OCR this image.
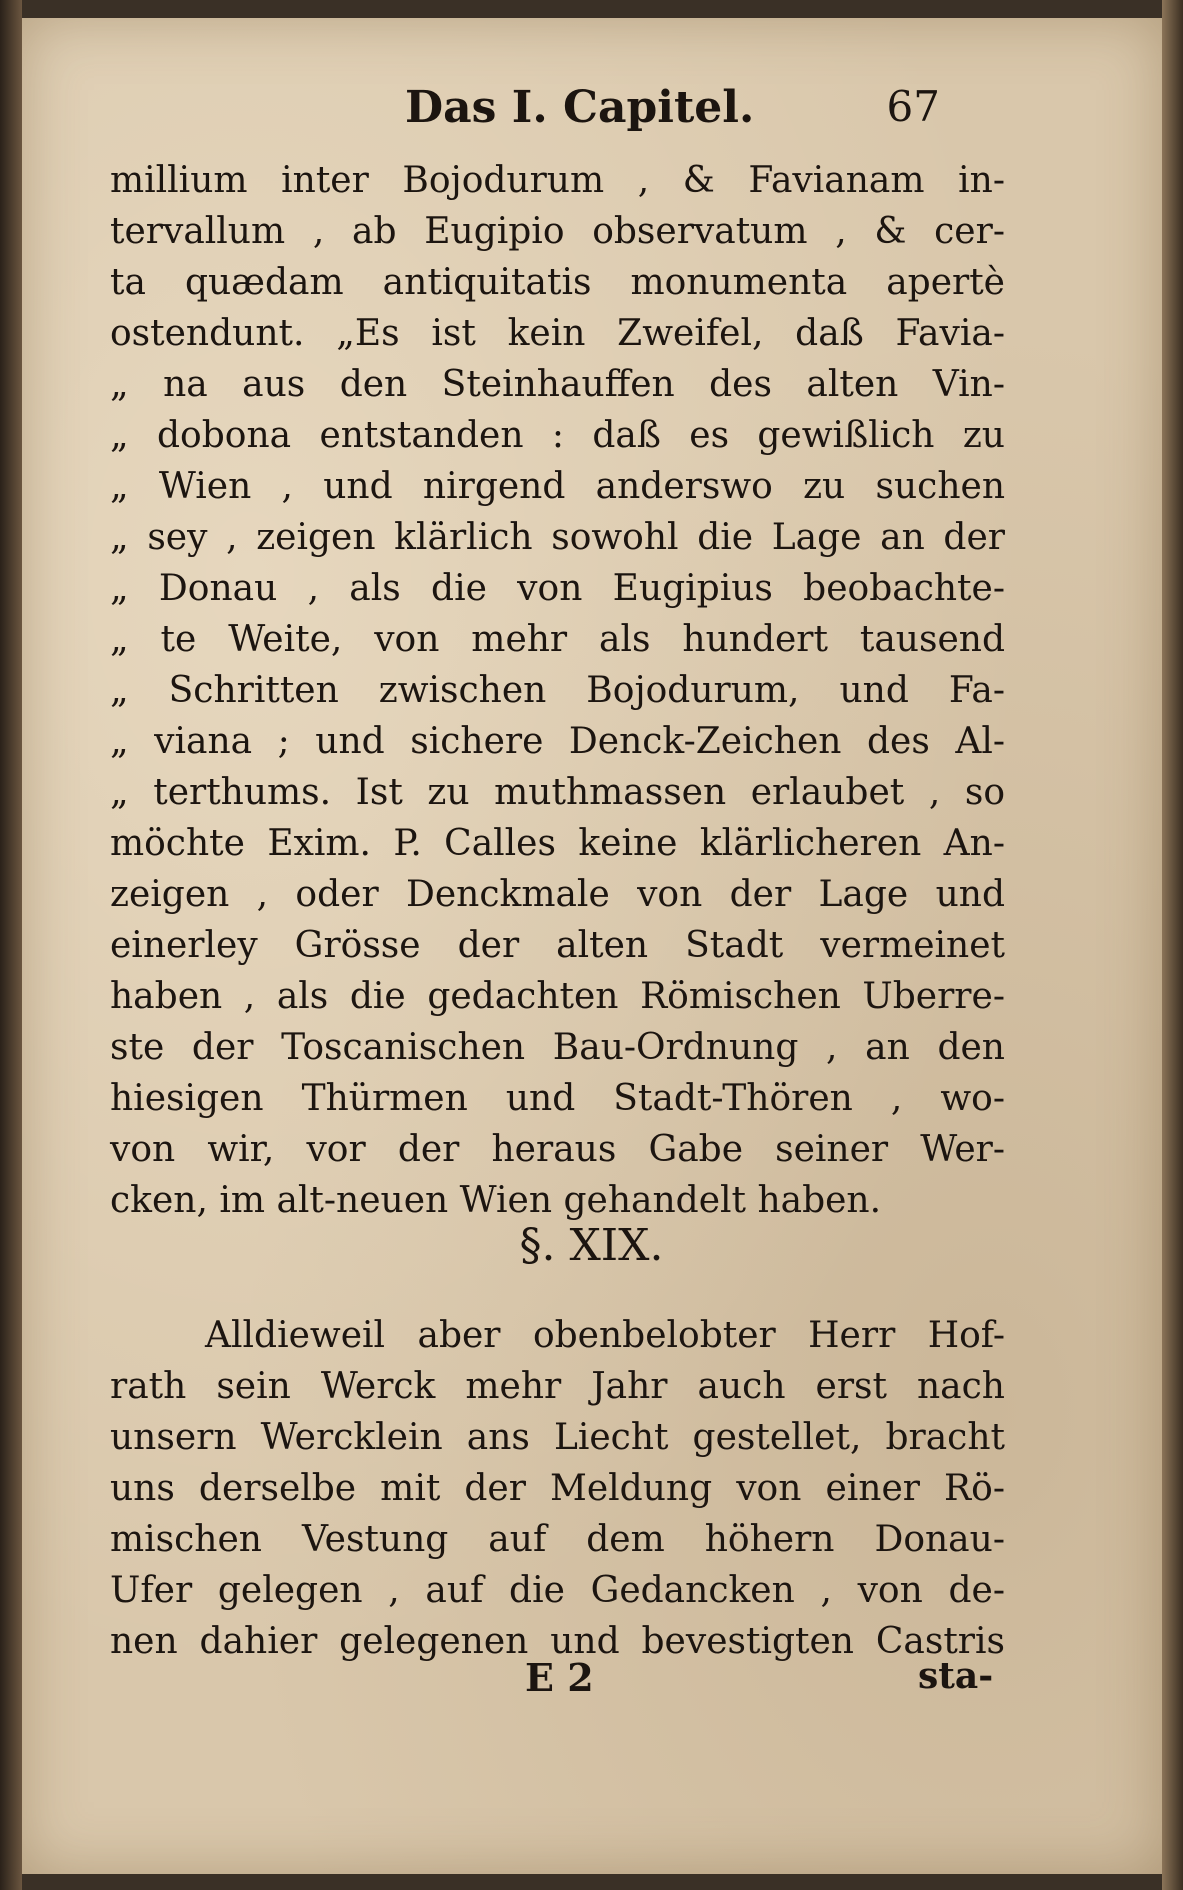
Das I. Capitel.	67
millium inter Bojodurum , & Favianam in-
tervallum , ab Eugipio observatum , & cer-
ta quædam antiquitatis monumenta apertè
ostendunt. „Es ist kein Zweifel, daß Favia-
„ na aus den Steinhauffen des alten Vin-
„ dobona entstanden : daß es gewißlich zu
„ Wien , und nirgend anderswo zu suchen
„ sey , zeigen klärlich sowohl die Lage an der
„ Donau , als die von Eugipius beobachte-
„ te Weite, von mehr als hundert tausend
„ Schritten zwischen Bojodurum, und Fa-
„ viana ; und sichere Denck-Zeichen des Al-
„ terthums. Ist zu muthmassen erlaubet , so
möchte Exim. P. Calles keine klärlicheren An-
zeigen , oder Denckmale von der Lage und
einerley Grösse der alten Stadt vermeinet
haben , als die gedachten Römischen Uberre-
ste der Toscanischen Bau-Ordnung , an den
hiesigen Thürmen und Stadt-Thören , wo-
von wir, vor der heraus Gabe seiner Wer-
cken, im alt-neuen Wien gehandelt haben.
§. XIX.
Alldieweil aber obenbelobter Herr Hof-
rath sein Werck mehr Jahr auch erst nach
unsern Wercklein ans Liecht gestellet, bracht
uns derselbe mit der Meldung von einer Rö-
mischen Vestung auf dem höhern Donau-
Ufer gelegen , auf die Gedancken , von de-
nen dahier gelegenen und bevestigten Castris
E 2	sta-
